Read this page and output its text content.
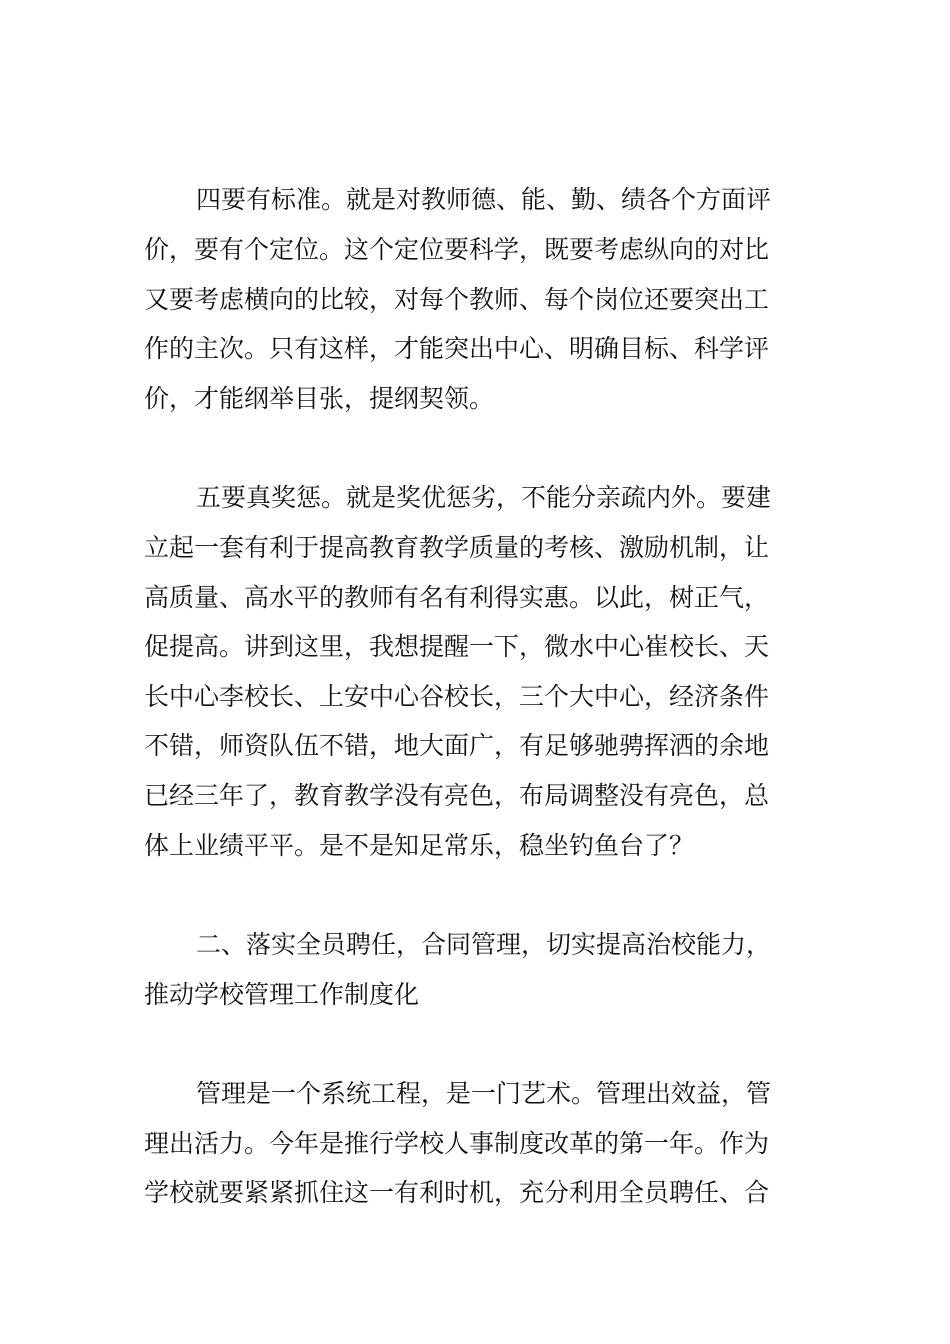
四要有标准。就是对教师德、能、勤、绩各个方面评
价，要有个定位。这个定位要科学，既要考虑纵向的对比
又要考虑横向的比较，对每个教师、每个岗位还要突出工
作的主次。只有这样，才能突出中心、明确目标、科学评
价，才能纲举目张，提纲契领。
五要真奖惩。就是奖优惩劣，不能分亲疏内外。要建
立起一套有利于提高教育教学质量的考核、激励机制，让
高质量、高水平的教师有名有利得实惠。以此，树正气，
促提高。讲到这里，我想提醒一下，微水中心崔校长、天
长中心李校长、上安中心谷校长，三个大中心，经济条件
不错，师资队伍不错，地大面广，有足够驰骋挥洒的余地
已经三年了，教育教学没有亮色，布局调整没有亮色，总
体上业绩平平。是不是知足常乐，稳坐钓鱼台了？
二、落实全员聘任，合同管理，切实提高治校能力，
推动学校管理工作制度化
管理是一个系统工程，是一门艺术。管理出效益，管
理出活力。今年是推行学校人事制度改革的第一年。作为
学校就要紧紧抓住这一有利时机，充分利用全员聘任、合
